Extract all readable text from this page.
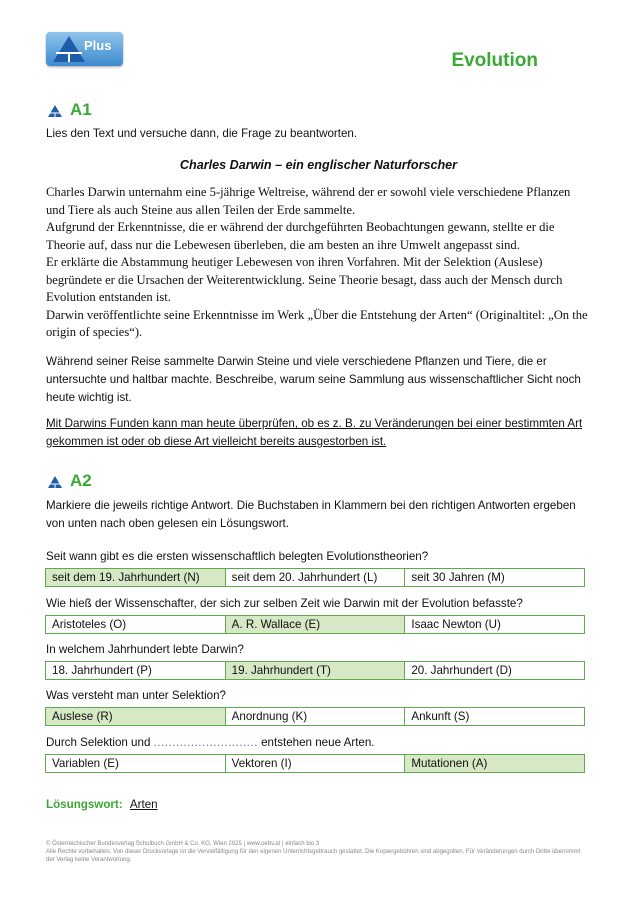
Plus
Evolution
A1
Lies den Text und versuche dann, die Frage zu beantworten.
Charles Darwin – ein englischer Naturforscher
Charles Darwin unternahm eine 5-jährige Weltreise, während der er sowohl viele verschiedene Pflanzen und Tiere als auch Steine aus allen Teilen der Erde sammelte.
Aufgrund der Erkenntnisse, die er während der durchgeführten Beobachtungen gewann, stellte er die Theorie auf, dass nur die Lebewesen überleben, die am besten an ihre Umwelt angepasst sind.
Er erklärte die Abstammung heutiger Lebewesen von ihren Vorfahren. Mit der Selektion (Auslese) begründete er die Ursachen der Weiterentwicklung. Seine Theorie besagt, dass auch der Mensch durch Evolution entstanden ist.
Darwin veröffentlichte seine Erkenntnisse im Werk „Über die Entstehung der Arten“ (Originaltitel: „On the origin of species“).
Während seiner Reise sammelte Darwin Steine und viele verschiedene Pflanzen und Tiere, die er untersuchte und haltbar machte. Beschreibe, warum seine Sammlung aus wissenschaftlicher Sicht noch heute wichtig ist.
Mit Darwins Funden kann man heute überprüfen, ob es z. B. zu Veränderungen bei einer bestimmten Art gekommen ist oder ob diese Art vielleicht bereits ausgestorben ist.
A2
Markiere die jeweils richtige Antwort. Die Buchstaben in Klammern bei den richtigen Antworten ergeben von unten nach oben gelesen ein Lösungswort.
Seit wann gibt es die ersten wissenschaftlich belegten Evolutionstheorien?
seit dem 19. Jahrhundert (N)	seit dem 20. Jahrhundert (L)	seit 30 Jahren (M)
Wie hieß der Wissenschafter, der sich zur selben Zeit wie Darwin mit der Evolution befasste?
Aristoteles (O)	A. R. Wallace (E)	Isaac Newton (U)
In welchem Jahrhundert lebte Darwin?
18. Jahrhundert (P)	19. Jahrhundert (T)	20. Jahrhundert (D)
Was versteht man unter Selektion?
Auslese (R)	Anordnung (K)	Ankunft (S)
Durch Selektion und ............................ entstehen neue Arten.
Variablen (E)	Vektoren (I)	Mutationen (A)
Lösungswort: Arten
© Österreichischer Bundesverlag Schulbuch GmbH & Co. KG, Wien 2025 | www.oebv.at | einfach bio 3
Alle Rechte vorbehalten. Von dieser Druckvorlage ist die Vervielfältigung für den eigenen Unterrichtsgebrauch gestattet. Die Kopiergebühren sind abgegolten. Für Veränderungen durch Dritte übernimmt der Verlag keine Verantwortung.
